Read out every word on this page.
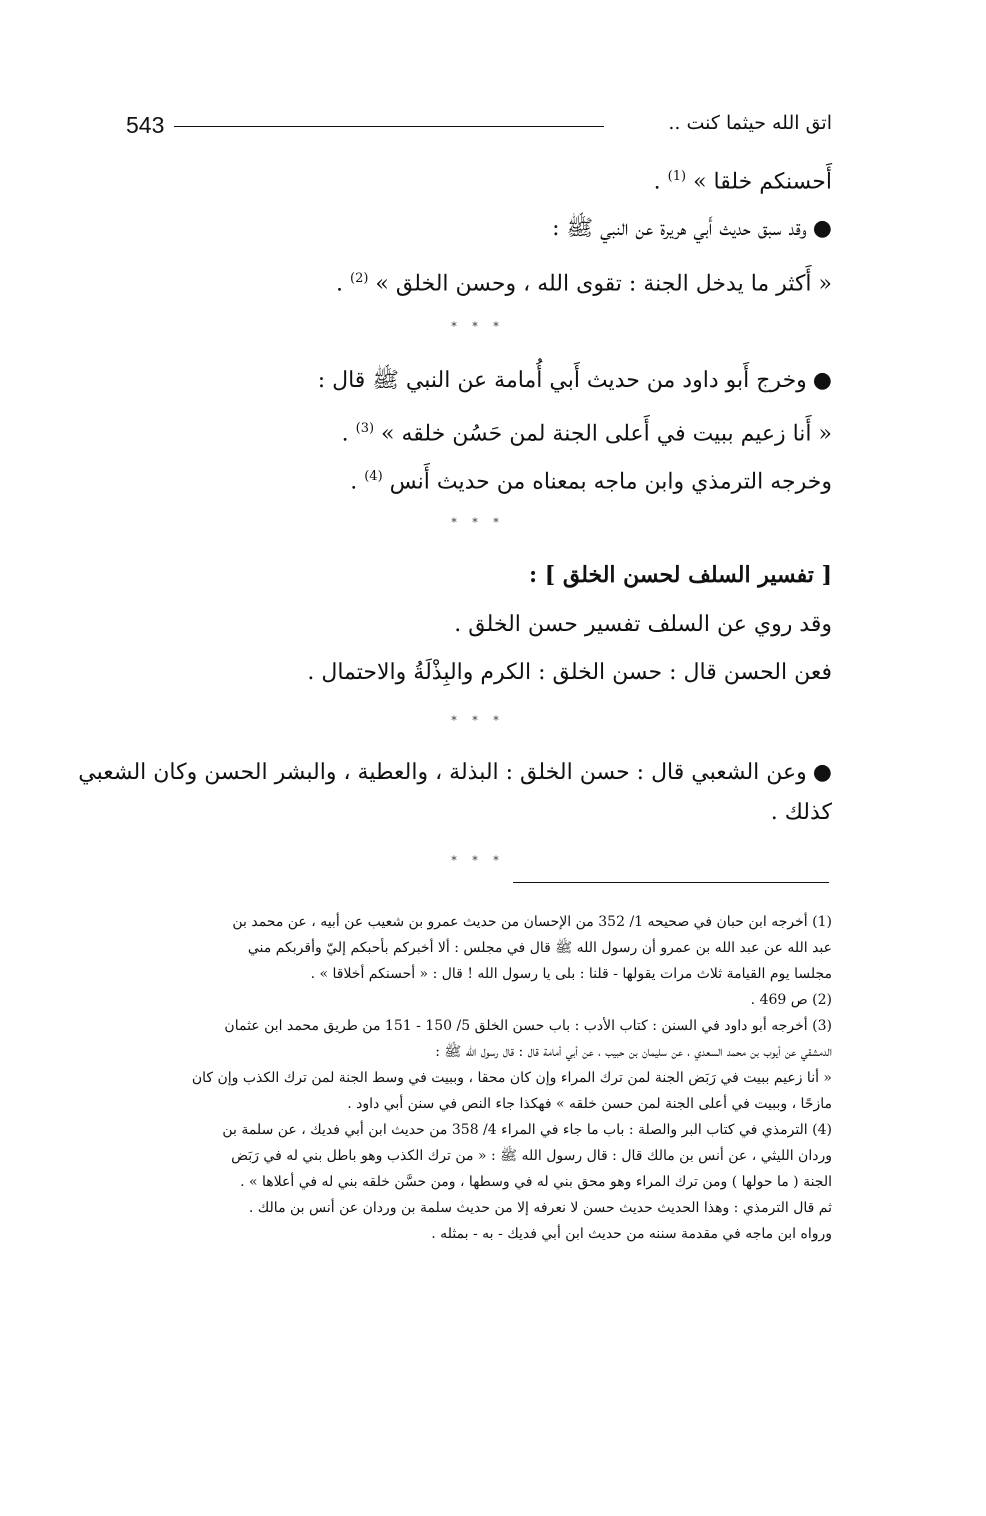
543	اتق الله حيثما كنت ..
أَحسنكم خلقا » $^{(1)}$ .
●وقد سبق حديث أَبي هريرة عن النبي ﷺ :
« أَكثر ما يدخل الجنة : تقوى الله ، وحسن الخلق » $^{(2)}$ .
* * *
●وخرج أَبو داود من حديث أَبي أُمامة عن النبي ﷺ قال :
« أَنا زعيم ببيت في أَعلى الجنة لمن حَسُن خلقه » $^{(3)}$ .
وخرجه الترمذي وابن ماجه بمعناه من حديث أَنس $^{(4)}$ .
* * *
[ تفسير السلف لحسن الخلق ] :
وقد روي عن السلف تفسير حسن الخلق .
فعن الحسن قال : حسن الخلق : الكرم والبِذْلَةُ والاحتمال .
* * *
●وعن الشعبي قال : حسن الخلق : البذلة ، والعطية ، والبشر الحسن وكان الشعبي
كذلك .
* * *
(1) أخرجه ابن حبان في صحيحه 1/ 352 من الإحسان من حديث عمرو بن شعيب عن أبيه ، عن محمد بن
عبد الله عن عبد الله بن عمرو أن رسول الله ﷺ قال في مجلس : ألا أخبركم بأحبكم إليّ وأقربكم مني
مجلسا يوم القيامة ثلاث مرات يقولها - قلنا : بلى يا رسول الله ! قال : « أحسنكم أخلاقا » .
(2) ص 469 .
(3) أخرجه أبو داود في السنن : كتاب الأدب : باب حسن الخلق 5/ 150 - 151 من طريق محمد ابن عثمان
الدمشقي عن أيوب بن محمد السعدي ، عن سليمان بن حبيب ، عن أبي أمامة قال : قال رسول الله ﷺ :
« أنا زعيم ببيت في رَبَض الجنة لمن ترك المراء وإن كان محقا ، وببيت في وسط الجنة لمن ترك الكذب وإن كان
مازحًا ، وببيت في أعلى الجنة لمن حسن خلقه » فهكذا جاء النص في سنن أبي داود .
(4) الترمذي في كتاب البر والصلة : باب ما جاء في المراء 4/ 358 من حديث ابن أبي فديك ، عن سلمة بن
وردان الليثي ، عن أنس بن مالك قال : قال رسول الله ﷺ : « من ترك الكذب وهو باطل بني له في رَبَض
الجنة ( ما حولها ) ومن ترك المراء وهو محق بني له في وسطها ، ومن حسَّن خلقه بني له في أعلاها » .
ثم قال الترمذي : وهذا الحديث حديث حسن لا نعرفه إلا من حديث سلمة بن وردان عن أنس بن مالك .
ورواه ابن ماجه في مقدمة سننه من حديث ابن أبي فديك - به - بمثله .
